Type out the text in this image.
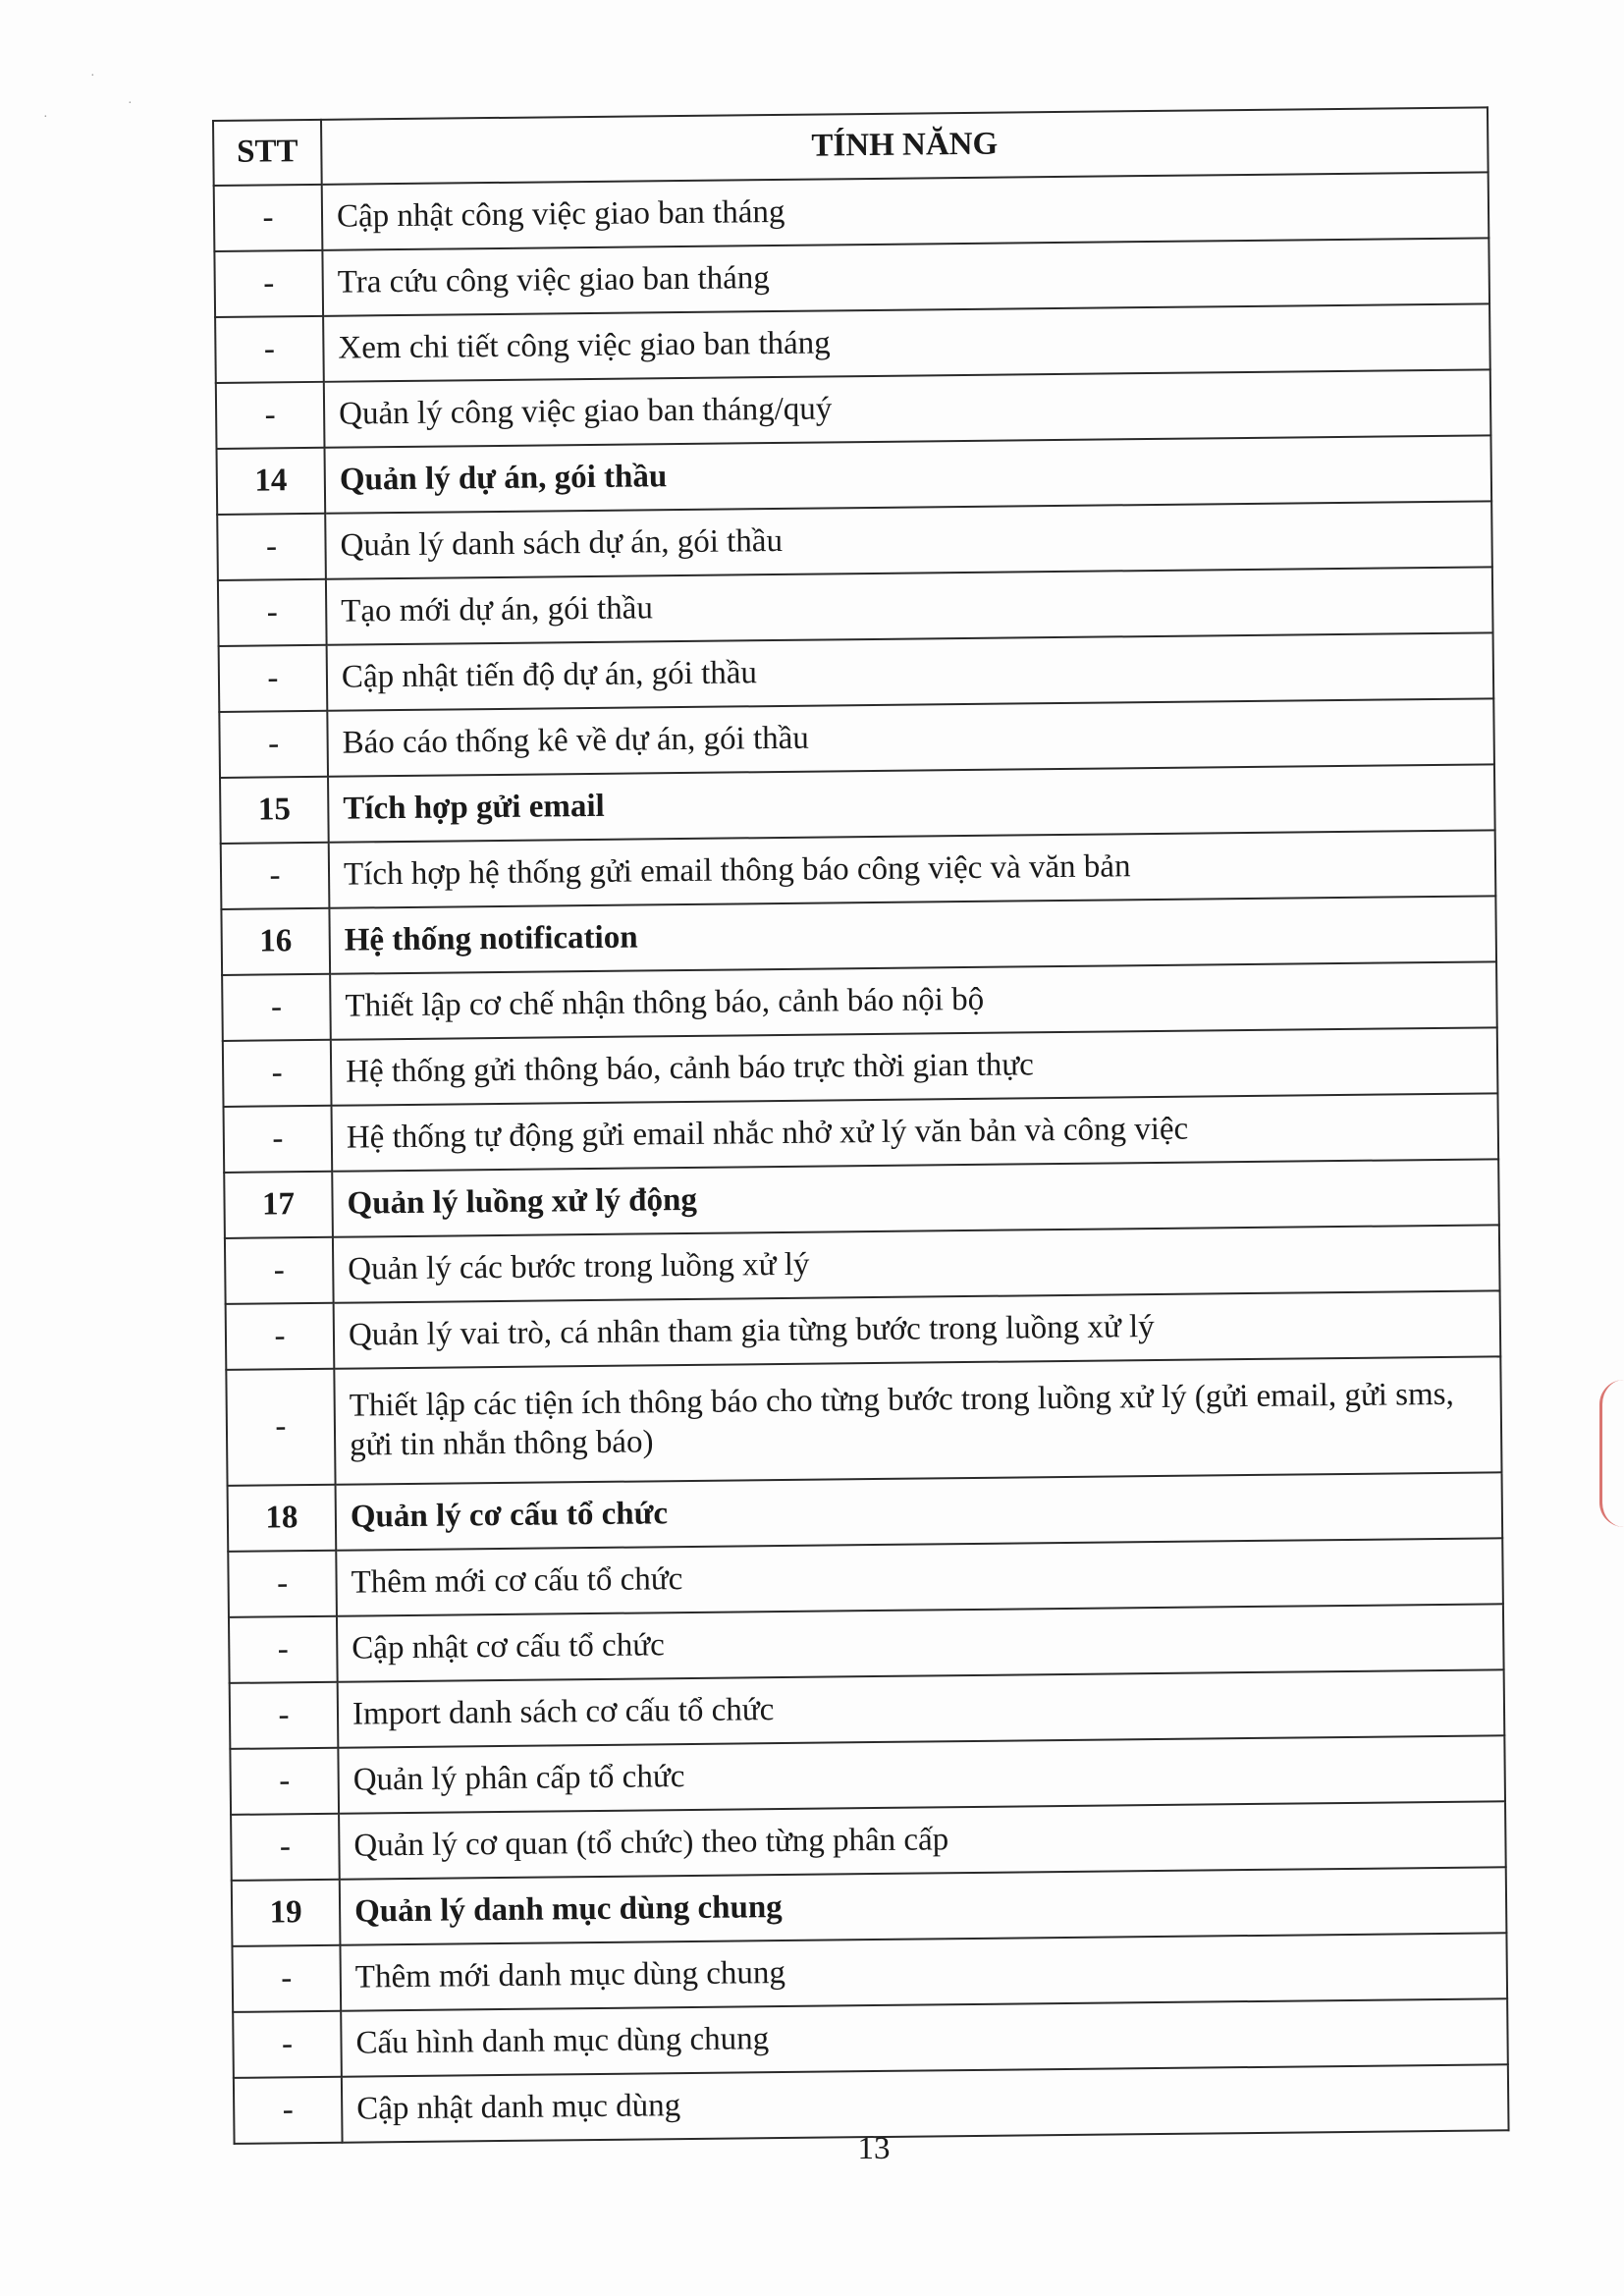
·
·
·
STT	TÍNH NĂNG
-	Cập nhật công việc giao ban tháng
-	Tra cứu công việc giao ban tháng
-	Xem chi tiết công việc giao ban tháng
-	Quản lý công việc giao ban tháng/quý
14	Quản lý dự án, gói thầu
-	Quản lý danh sách dự án, gói thầu
-	Tạo mới dự án, gói thầu
-	Cập nhật tiến độ dự án, gói thầu
-	Báo cáo thống kê về dự án, gói thầu
15	Tích hợp gửi email
-	Tích hợp hệ thống gửi email thông báo công việc và văn bản
16	Hệ thống notification
-	Thiết lập cơ chế nhận thông báo, cảnh báo nội bộ
-	Hệ thống gửi thông báo, cảnh báo trực thời gian thực
-	Hệ thống tự động gửi email nhắc nhở xử lý văn bản và công việc
17	Quản lý luồng xử lý động
-	Quản lý các bước trong luồng xử lý
-	Quản lý vai trò, cá nhân tham gia từng bước trong luồng xử lý
-	Thiết lập các tiện ích thông báo cho từng bước trong luồng xử lý (gửi email, gửi sms, gửi tin nhắn thông báo)
18	Quản lý cơ cấu tổ chức
-	Thêm mới cơ cấu tổ chức
-	Cập nhật cơ cấu tổ chức
-	Import danh sách cơ cấu tổ chức
-	Quản lý phân cấp tổ chức
-	Quản lý cơ quan (tổ chức) theo từng phân cấp
19	Quản lý danh mục dùng chung
-	Thêm mới danh mục dùng chung
-	Cấu hình danh mục dùng chung
-	Cập nhật danh mục dùng
13
